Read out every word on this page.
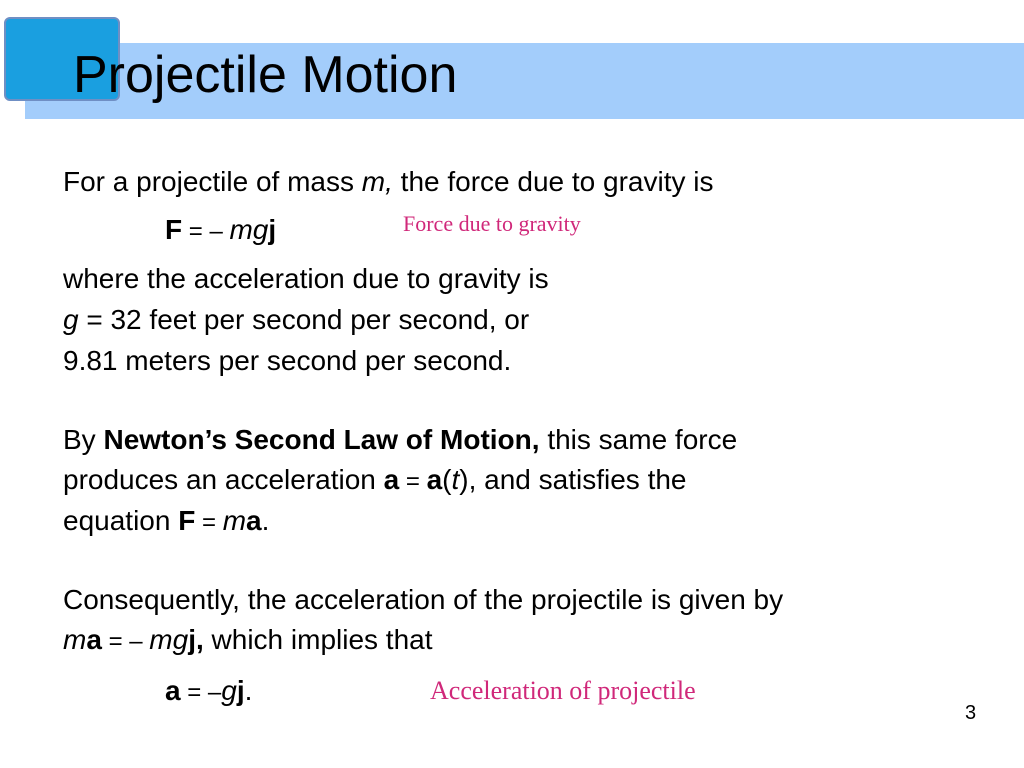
Projectile Motion
For a projectile of mass m, the force due to gravity is
F = – mgj	Force due to gravity
where the acceleration due to gravity is
g = 32 feet per second per second, or
9.81 meters per second per second.
By Newton’s Second Law of Motion, this same force
produces an acceleration a = a(t), and satisfies the
equation F = ma.
Consequently, the acceleration of the projectile is given by
ma = – mgj, which implies that
a = –gj.	Acceleration of projectile
3
